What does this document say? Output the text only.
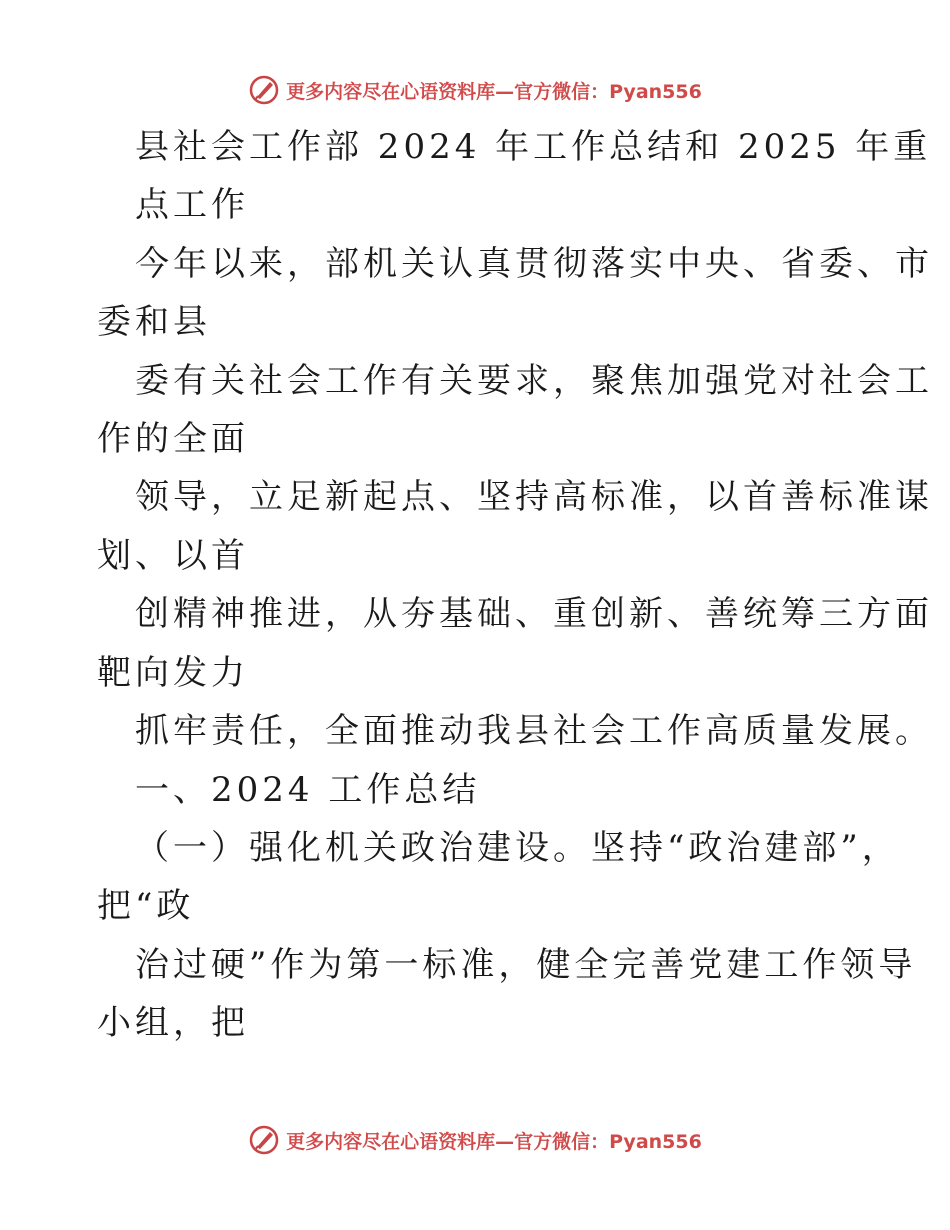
更多内容尽在心语资料库—官方微信：Pyan556
县社会工作部 2024 年工作总结和 2025 年重
点工作
今年以来，部机关认真贯彻落实中央、省委、市
委和县
委有关社会工作有关要求，聚焦加强党对社会工
作的全面
领导，立足新起点、坚持高标准，以首善标准谋
划、以首
创精神推进，从夯基础、重创新、善统筹三方面
靶向发力
抓牢责任，全面推动我县社会工作高质量发展。
一、2024 工作总结
（一）强化机关政治建设。坚持“政治建部”，
把“政
治过硬”作为第一标准，健全完善党建工作领导
小组，把
更多内容尽在心语资料库—官方微信：Pyan556
